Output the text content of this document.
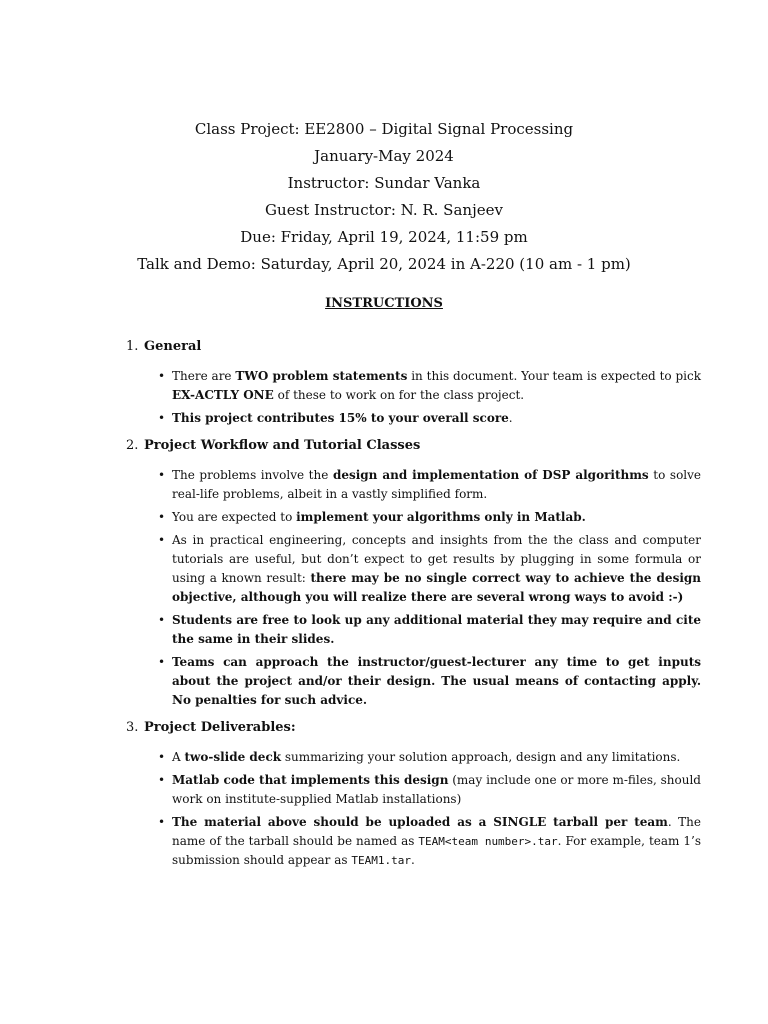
Class Project: EE2800 – Digital Signal Processing
January-May 2024
Instructor: Sundar Vanka
Guest Instructor: N. R. Sanjeev
Due: Friday, April 19, 2024, 11:59 pm
Talk and Demo: Saturday, April 20, 2024 in A-220 (10 am - 1 pm)
INSTRUCTIONS
1. General
• There are TWO problem statements in this document. Your team is expected to pick EX-ACTLY ONE of these to work on for the class project.
• This project contributes 15% to your overall score.
2. Project Workflow and Tutorial Classes
• The problems involve the design and implementation of DSP algorithms to solve real-life problems, albeit in a vastly simplified form.
• You are expected to implement your algorithms only in Matlab.
• As in practical engineering, concepts and insights from the the class and computer tutorials are useful, but don’t expect to get results by plugging in some formula or using a known result: there may be no single correct way to achieve the design objective, although you will realize there are several wrong ways to avoid :-)
• Students are free to look up any additional material they may require and cite the same in their slides.
• Teams can approach the instructor/guest-lecturer any time to get inputs about the project and/or their design. The usual means of contacting apply. No penalties for such advice.
3. Project Deliverables:
• A two-slide deck summarizing your solution approach, design and any limitations.
• Matlab code that implements this design (may include one or more m-files, should work on institute-supplied Matlab installations)
• The material above should be uploaded as a SINGLE tarball per team. The name of the tarball should be named as TEAM<team number>.tar. For example, team 1’s submission should appear as TEAM1.tar.
